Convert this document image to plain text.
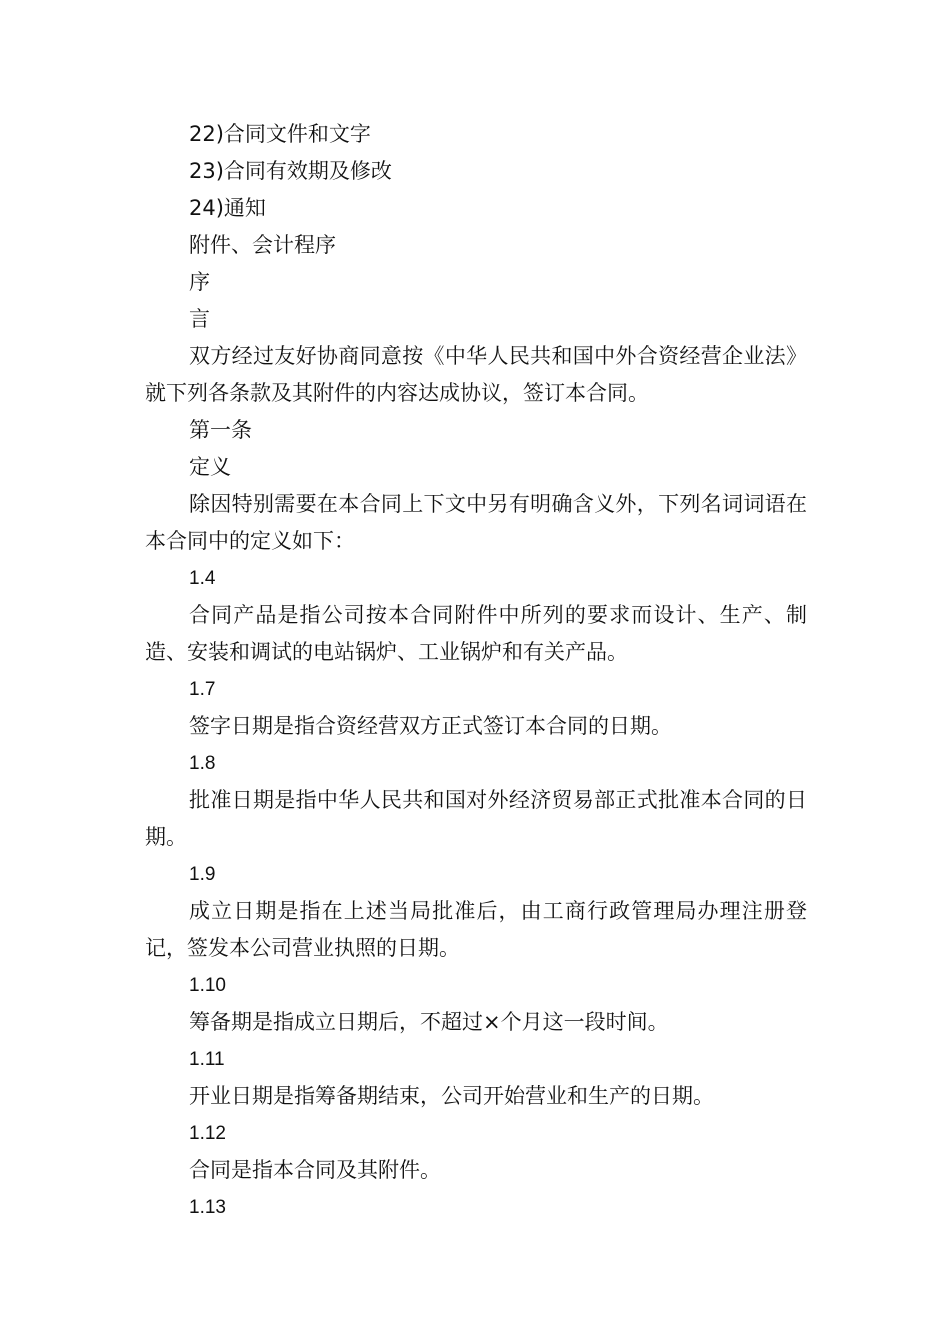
22)合同文件和文字

23)合同有效期及修改

24)通知

附件、会计程序

序

言

双方经过友好协商同意按《中华人民共和国中外合资经营企业法》就下列各条款及其附件的内容达成协议，签订本合同。

第一条

定义

除因特别需要在本合同上下文中另有明确含义外，下列名词词语在本合同中的定义如下：

1.4

合同产品是指公司按本合同附件中所列的要求而设计、生产、制造、安装和调试的电站锅炉、工业锅炉和有关产品。

1.7

签字日期是指合资经营双方正式签订本合同的日期。

1.8

批准日期是指中华人民共和国对外经济贸易部正式批准本合同的日期。

1.9

成立日期是指在上述当局批准后，由工商行政管理局办理注册登记，签发本公司营业执照的日期。

1.10

筹备期是指成立日期后，不超过×个月这一段时间。

1.11

开业日期是指筹备期结束，公司开始营业和生产的日期。

1.12

合同是指本合同及其附件。

1.13
